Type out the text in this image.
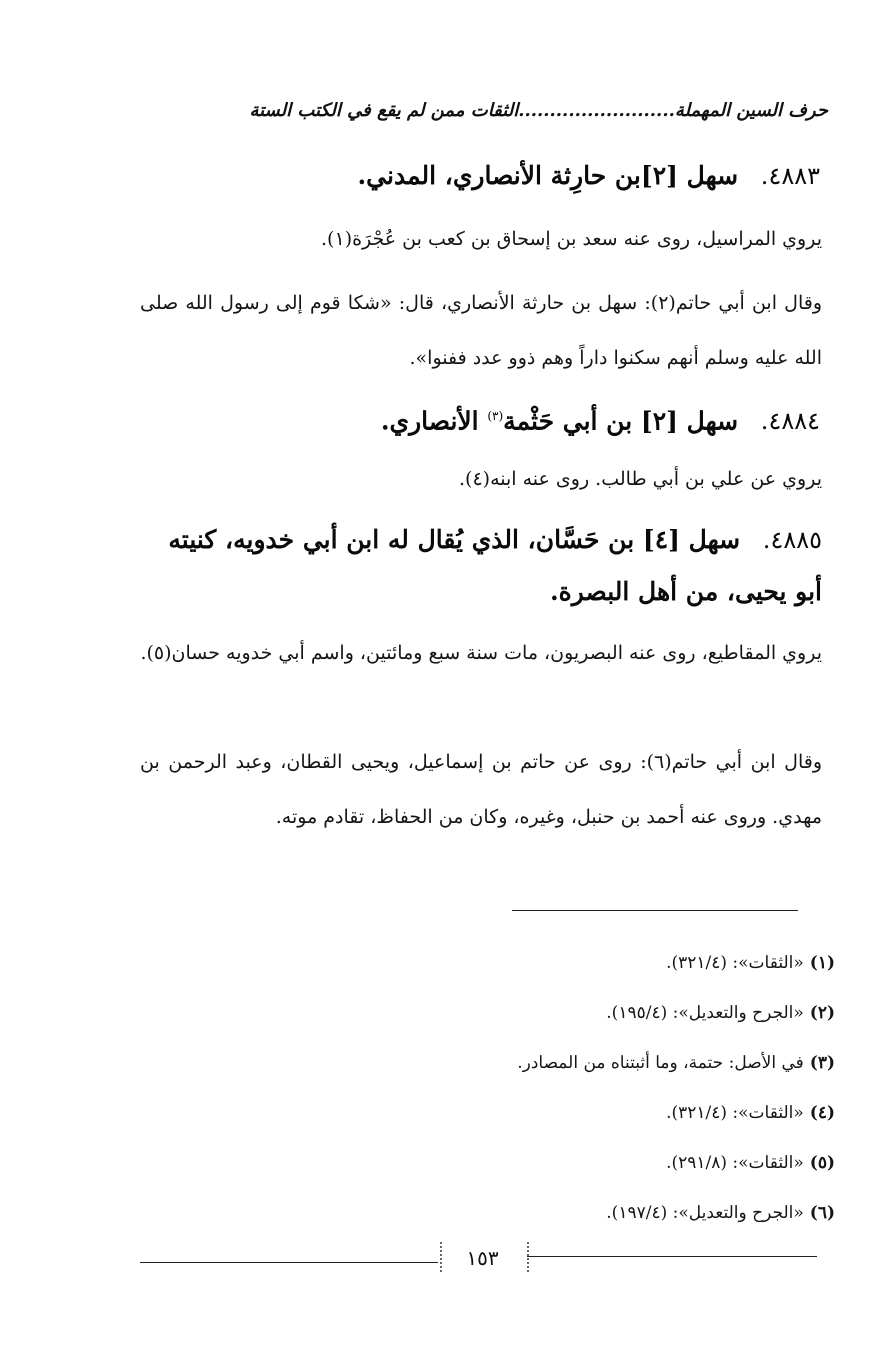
حرف السين المهملة.........................الثقات ممن لم يقع في الكتب الستة
٤٨٨٣. سهل [٢]بن حارِثة الأنصاري، المدني.
يروي المراسيل، روى عنه سعد بن إسحاق بن كعب بن عُجْرَة(١).
وقال ابن أبي حاتم(٢): سهل بن حارثة الأنصاري، قال: «شكا قوم إلى رسول الله صلى الله عليه وسلم أنهم سكنوا داراً وهم ذوو عدد ففنوا».
٤٨٨٤. سهل [٢] بن أبي حَثْمة$^{(٣)}$ الأنصاري.
يروي عن علي بن أبي طالب. روى عنه ابنه(٤).
٤٨٨٥. سهل [٤] بن حَسَّان، الذي يُقال له ابن أبي خدويه، كنيته أبو يحيى، من أهل البصرة.
يروي المقاطيع، روى عنه البصريون، مات سنة سبع ومائتين، واسم أبي خدويه حسان(٥).
وقال ابن أبي حاتم(٦): روى عن حاتم بن إسماعيل، ويحيى القطان، وعبد الرحمن بن مهدي. وروى عنه أحمد بن حنبل، وغيره، وكان من الحفاظ، تقادم موته.
(١)«الثقات»: (٣٢١/٤).
(٢)«الجرح والتعديل»: (١٩٥/٤).
(٣)في الأصل: حتمة، وما أثبتناه من المصادر.
(٤)«الثقات»: (٣٢١/٤).
(٥)«الثقات»: (٢٩١/٨).
(٦)«الجرح والتعديل»: (١٩٧/٤).
١٥٣
